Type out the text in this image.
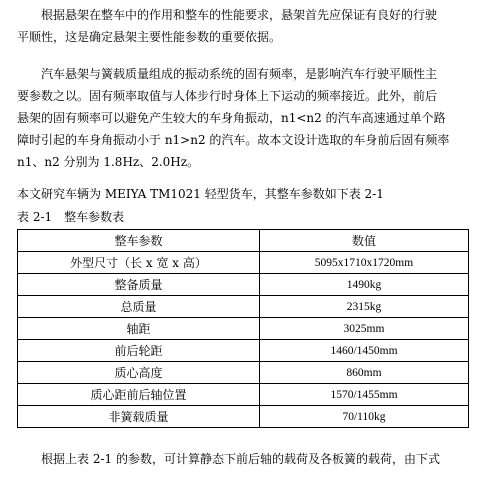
根据悬架在整车中的作用和整车的性能要求，悬架首先应保证有良好的行驶
平顺性，这是确定悬架主要性能参数的重要依据。

汽车悬架与簧载质量组成的振动系统的固有频率，是影响汽车行驶平顺性主
要参数之以。固有频率取值与人体步行时身体上下运动的频率接近。此外，前后
悬架的固有频率可以避免产生较大的车身角振动，n1<n2 的汽车高速通过单个路
障时引起的车身角振动小于 n1>n2 的汽车。故本文设计选取的车身前后固有频率
n1、n2 分别为 1.8Hz、2.0Hz。

本文研究车辆为 MEIYA TM1021 轻型货车，其整车参数如下表 2-1
表 2-1 整车参数表
整车参数	数值
外型尺寸（长 x 宽 x 高）	5095x1710x1720mm
整备质量	1490kg
总质量	2315kg
轴距	3025mm
前后轮距	1460/1450mm
质心高度	860mm
质心距前后轴位置	1570/1455mm
非簧载质量	70/110kg
根据上表 2-1 的参数，可计算静态下前后轴的载荷及各板簧的载荷，由下式
